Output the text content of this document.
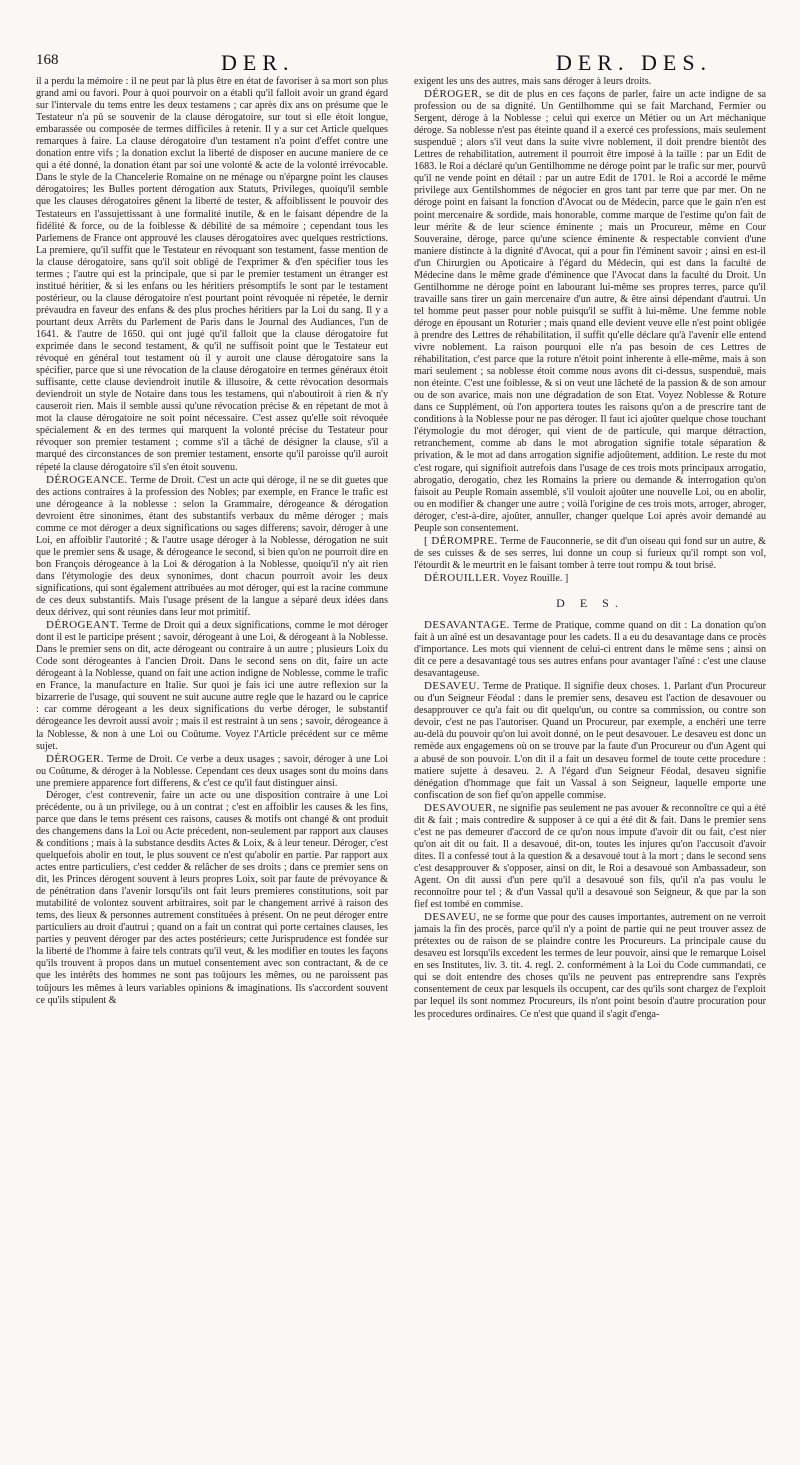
168	DER.	DER. DES.

il a perdu la mémoire : il ne peut par là plus être en état de favoriser à sa mort son plus grand ami ou favori. Pour à quoi pourvoir on a établi qu'il falloit avoir un grand égard sur l'intervale du tems entre les deux testamens ; car après dix ans on présume que le Testateur n'a pû se souvenir de la clause dérogatoire, sur tout si elle étoit longue, embarassée ou composée de termes difficiles à retenir. Il y a sur cet Article quelques remarques à faire. La clause dérogatoire d'un testament n'a point d'effet contre une donation entre vifs ; la donation exclut la liberté de disposer en aucune maniere de ce qui a été donné, la donation étant par soi une volonté & acte de la volonté irrévocable. Dans le style de la Chancelerie Romaine on ne ménage ou n'épargne point les clauses dérogatoires; les Bulles portent dérogation aux Statuts, Privileges, quoiqu'il semble que les clauses dérogatoires gênent la liberté de tester, & affoiblissent le pouvoir des Testateurs en l'assujettissant à une formalité inutile, & en le faisant dépendre de la fidélité & force, ou de la foiblesse & débilité de sa mémoire ; cependant tous les Parlemens de France ont approuvé les clauses dérogatoires avec quelques restrictions. La premiere, qu'il suffit que le Testateur en révoquant son testament, fasse mention de la clause dérogatoire, sans qu'il soit obligé de l'exprimer & d'en spécifier tous les termes ; l'autre qui est la principale, que si par le premier testament un étranger est institué héritier, & si les enfans ou les héritiers présomptifs le sont par le testament postérieur, ou la clause dérogatoire n'est pourtant point révoquée ni répetée, le dernir prévaudra en faveur des enfans & des plus proches héritiers par la Loi du sang. Il y a pourtant deux Arrêts du Parlement de Paris dans le Journal des Audiances, l'un de 1641. & l'autre de 1650. qui ont jugé qu'il falloit que la clause dérogatoire fut exprimée dans le second testament, & qu'il ne suffisoit point que le Testateur eut révoqué en général tout testament où il y auroit une clause dérogatoire sans la spécifier, parce que si une révocation de la clause dérogatoire en termes généraux étoit suffisante, cette clause deviendroit inutile & illusoire, & cette révocation desormais deviendroit un style de Notaire dans tous les testamens, qui n'aboutiroit à rien & n'y causeroit rien. Mais il semble aussi qu'une révocation précise & en répetant de mot à mot la clause dérogatoire ne soit point nécessaire. C'est assez qu'elle soit révoquée spécialement & en des termes qui marquent la volonté précise du Testateur pour révoquer son premier testament ; comme s'il a tâché de désigner la clause, s'il a marqué des circonstances de son premier testament, ensorte qu'il paroisse qu'il auroit répeté la clause dérogatoire s'il s'en étoit souvenu.

DÉROGEANCE. Terme de Droit. C'est un acte qui déroge, il ne se dit guetes que des actions contraires à la profession des Nobles; par exemple, en France le trafic est une dérogeance à la noblesse : selon la Grammaire, dérogeance & dérogation devroient être sinonimes, étant des substantifs verbaux du même déroger ; mais comme ce mot déroger a deux significations ou sages differens; savoir, déroger à une Loi, en affoiblir l'autorité ; & l'autre usage déroger à la Noblesse, dérogation ne suit que le premier sens & usage, & dérogeance le second, si bien qu'on ne pourroit dire en bon François dérogeance à la Loi & dérogation à la Noblesse, quoiqu'il n'y ait rien dans l'étymologie des deux synonimes, dont chacun pourroit avoir les deux significations, qui sont également attribuées au mot déroger, qui est la racine commune de ces deux substantifs. Mais l'usage présent de la langue a séparé deux idées dans deux dérivez, qui sont réunies dans leur mot primitif.

DÉROGEANT. Terme de Droit qui a deux significations, comme le mot déroger dont il est le participe présent ; savoir, dérogeant à une Loi, & dérogeant à la Noblesse. Dans le premier sens on dit, acte dérogeant ou contraire à un autre ; plusieurs Loix du Code sont dérogeantes à l'ancien Droit. Dans le second sens on dit, faire un acte dérogeant à la Noblesse, quand on fait une action indigne de Noblesse, comme le trafic en France, la manufacture en Italie. Sur quoi je fais ici une autre reflexion sur la bizarrerie de l'usage, qui souvent ne suit aucune autre regle que le hazard ou le caprice : car comme dérogeant a les deux significations du verbe déroger, le substantif dérogeance les devroit aussi avoir ; mais il est restraint à un sens ; savoir, dérogeance à la Noblesse, & non à une Loi ou Coûtume. Voyez l'Article précédent sur ce même sujet.

DÉROGER. Terme de Droit. Ce verbe a deux usages ; savoir, déroger à une Loi ou Coûtume, & déroger à la Noblesse. Cependant ces deux usages sont du moins dans une premiere apparence fort differens, & c'est ce qu'il faut distinguer ainsi.

Déroger, c'est contrevenir, faire un acte ou une disposition contraire à une Loi précédente, ou à un privilege, ou à un contrat ; c'est en affoiblir les causes & les fins, parce que dans le tems présent ces raisons, causes & motifs ont changé & ont produit des changemens dans la Loi ou Acte précedent, non-seulement par rapport aux clauses & conditions ; mais à la substance desdits Actes & Loix, & à leur teneur. Déroger, c'est quelquefois abolir en tout, le plus souvent ce n'est qu'abolir en partie. Par rapport aux actes entre particuliers, c'est cedder & relâcher de ses droits ; dans ce premier sens on dit, les Princes dérogent souvent à leurs propres Loix, soit par faute de prévoyance & de pénétration dans l'avenir lorsqu'ils ont fait leurs premieres constitutions, soit par mutabilité de volontez souvent arbitraires, soit par le changement arrivé à raison des tems, des lieux & personnes autrement constituées à présent. On ne peut déroger entre particuliers au droit d'autrui ; quand on a fait un contrat qui porte certaines clauses, les parties y peuvent déroger par des actes postérieurs; cette Jurisprudence est fondée sur la liberté de l'homme à faire tels contrats qu'il veut, & les modifier en toutes les façons qu'ils trouvent à propos dans un mutuel consentement avec son contractant, & de ce que les intérêts des hommes ne sont pas toûjours les mêmes, ou ne paroissent pas toûjours les mêmes à leurs variables opinions & imaginations. Ils s'accordent souvent ce qu'ils stipulent &

exigent les uns des autres, mais sans déroger à leurs droits.

DÉROGER, se dit de plus en ces façons de parler, faire un acte indigne de sa profession ou de sa dignité. Un Gentilhomme qui se fait Marchand, Fermier ou Sergent, déroge à la Noblesse ; celui qui exerce un Métier ou un Art méchanique déroge. Sa noblesse n'est pas éteinte quand il a exercé ces professions, mais seulement suspenduë ; alors s'il veut dans la suite vivre noblement, il doit prendre bientôt des Lettres de rehabilitation, autrement il pourroit être imposé à la taille : par un Edit de 1683. le Roi a déclaré qu'un Gentilhomme ne déroge point par le trafic sur mer, pourvû qu'il ne vende point en détail : par un autre Edit de 1701. le Roi a accordé le même privilege aux Gentilshommes de négocier en gros tant par terre que par mer. On ne déroge point en faisant la fonction d'Avocat ou de Médecin, parce que le gain n'en est point mercenaire & sordide, mais honorable, comme marque de l'estime qu'on fait de leur mérite & de leur science éminente ; mais un Procureur, même en Cour Souveraine, déroge, parce qu'une science éminente & respectable convient d'une maniere distincte à la dignité d'Avocat, qui a pour fin l'éminent savoir ; ainsi en est-il d'un Chirurgien ou Apoticaire à l'égard du Médecin, qui est dans la faculté de Médecine dans le même grade d'éminence que l'Avocat dans la faculté du Droit. Un Gentilhomme ne déroge point en labourant lui-même ses propres terres, parce qu'il travaille sans tirer un gain mercenaire d'un autre, & être ainsi dépendant d'autrui. Un tel homme peut passer pour noble puisqu'il se suffit à lui-même. Une femme noble déroge en épousant un Roturier ; mais quand elle devient veuve elle n'est point obligée à prendre des Lettres de réhabilitation, il suffit qu'elle déclare qu'à l'avenir elle entend vivre noblement. La raison pourquoi elle n'a pas besoin de ces Lettres de réhabilitation, c'est parce que la roture n'étoit point inherente à elle-même, mais à son mari seulement ; sa noblesse étoit comme nous avons dit ci-dessus, suspenduë, mais non éteinte. C'est une foiblesse, & si on veut une lâcheté de la passion & de son amour ou de son avarice, mais non une dégradation de son Etat. Voyez Noblesse & Roture dans ce Supplément, où l'on apportera toutes les raisons qu'on a de prescrire tant de conditions à la Noblesse pour ne pas déroger. Il faut ici ajoûter quelque chose touchant l'étymologie du mot déroger, qui vient de de particule, qui marque détraction, retranchement, comme ab dans le mot abrogation signifie totale séparation & privation, & le mot ad dans arrogation signifie adjoûtement, addition. Le reste du mot c'est rogare, qui signifioit autrefois dans l'usage de ces trois mots principaux arrogatio, abrogatio, derogatio, chez les Romains la priere ou demande & interrogation qu'on faisoit au Peuple Romain assemblé, s'il vouloit ajoûter une nouvelle Loi, ou en abolir, ou en modifier & changer une autre ; voilà l'origine de ces trois mots, arroger, abroger, déroger, c'est-à-dire, ajoûter, annuller, changer quelque Loi après avoir demandé au Peuple son consentement.

[ DÉROMPRE. Terme de Fauconnerie, se dit d'un oiseau qui fond sur un autre, & de ses cuisses & de ses serres, lui donne un coup si furieux qu'il rompt son vol, l'étourdit & le meurtrit en le faisant tomber à terre tout rompu & tout brisé.

DÉROUILLER. Voyez Rouille. ]

D E S.

DESAVANTAGE. Terme de Pratique, comme quand on dit : La donation qu'on fait à un aîné est un desavantage pour les cadets. Il a eu du desavantage dans ce procès d'importance. Les mots qui viennent de celui-ci entrent dans le même sens ; ainsi on dit ce pere a desavantagé tous ses autres enfans pour avantager l'aîné : c'est une clause desavantageuse.

DESAVEU. Terme de Pratique. Il signifie deux choses. 1. Parlant d'un Procureur ou d'un Seigneur Féodal : dans le premier sens, desaveu est l'action de desavouer ou desapprouver ce qu'a fait ou dit quelqu'un, ou contre sa commission, ou contre son devoir, c'est ne pas l'autoriser. Quand un Procureur, par exemple, a enchéri une terre au-delà du pouvoir qu'on lui avoit donné, on le peut desavouer. Le desaveu est donc un remède aux engagemens où on se trouve par la faute d'un Procureur ou d'un Agent qui a abusé de son pouvoir. L'on dit il a fait un desaveu formel de toute cette procedure : matiere sujette à desaveu. 2. A l'égard d'un Seigneur Féodal, desaveu signifie dénégation d'hommage que fait un Vassal à son Seigneur, laquelle emporte une confiscation de son fief qu'on appelle commise.

DESAVOUER, ne signifie pas seulement ne pas avouer & reconnoître ce qui a été dit & fait ; mais contredire & supposer à ce qui a été dit & fait. Dans le premier sens c'est ne pas demeurer d'accord de ce qu'on nous impute d'avoir dit ou fait, c'est nier qu'on ait dit ou fait. Il a desavoué, dit-on, toutes les injures qu'on l'accusoit d'avoir dites. Il a confessé tout à la question & a desavoué tout à la mort ; dans le second sens c'est desapprouver & s'opposer, ainsi on dit, le Roi a desavoué son Ambassadeur, son Agent. On dit aussi d'un pere qu'il a desavoué son fils, qu'il n'a pas voulu le reconnoître pour tel ; & d'un Vassal qu'il a desavoué son Seigneur, & que par la son fief est tombé en commise.

DESAVEU, ne se forme que pour des causes importantes, autrement on ne verroit jamais la fin des procès, parce qu'il n'y a point de partie qui ne peut trouver assez de prétextes ou de raison de se plaindre contre les Procureurs. La principale cause du desaveu est lorsqu'ils excedent les termes de leur pouvoir, ainsi que le remarque Loisel en ses Institutes, liv. 3. tit. 4. regl. 2. conformément à la Loi du Code cummandati, ce qui se doit entendre des choses qu'ils ne peuvent pas entreprendre sans l'exprès consentement de ceux par lesquels ils occupent, car des qu'ils sont chargez de l'exploit par lequel ils sont nommez Procureurs, ils n'ont point besoin d'autre procuration pour les procedures ordinaires. Ce n'est que quand il s'agit d'enga-
